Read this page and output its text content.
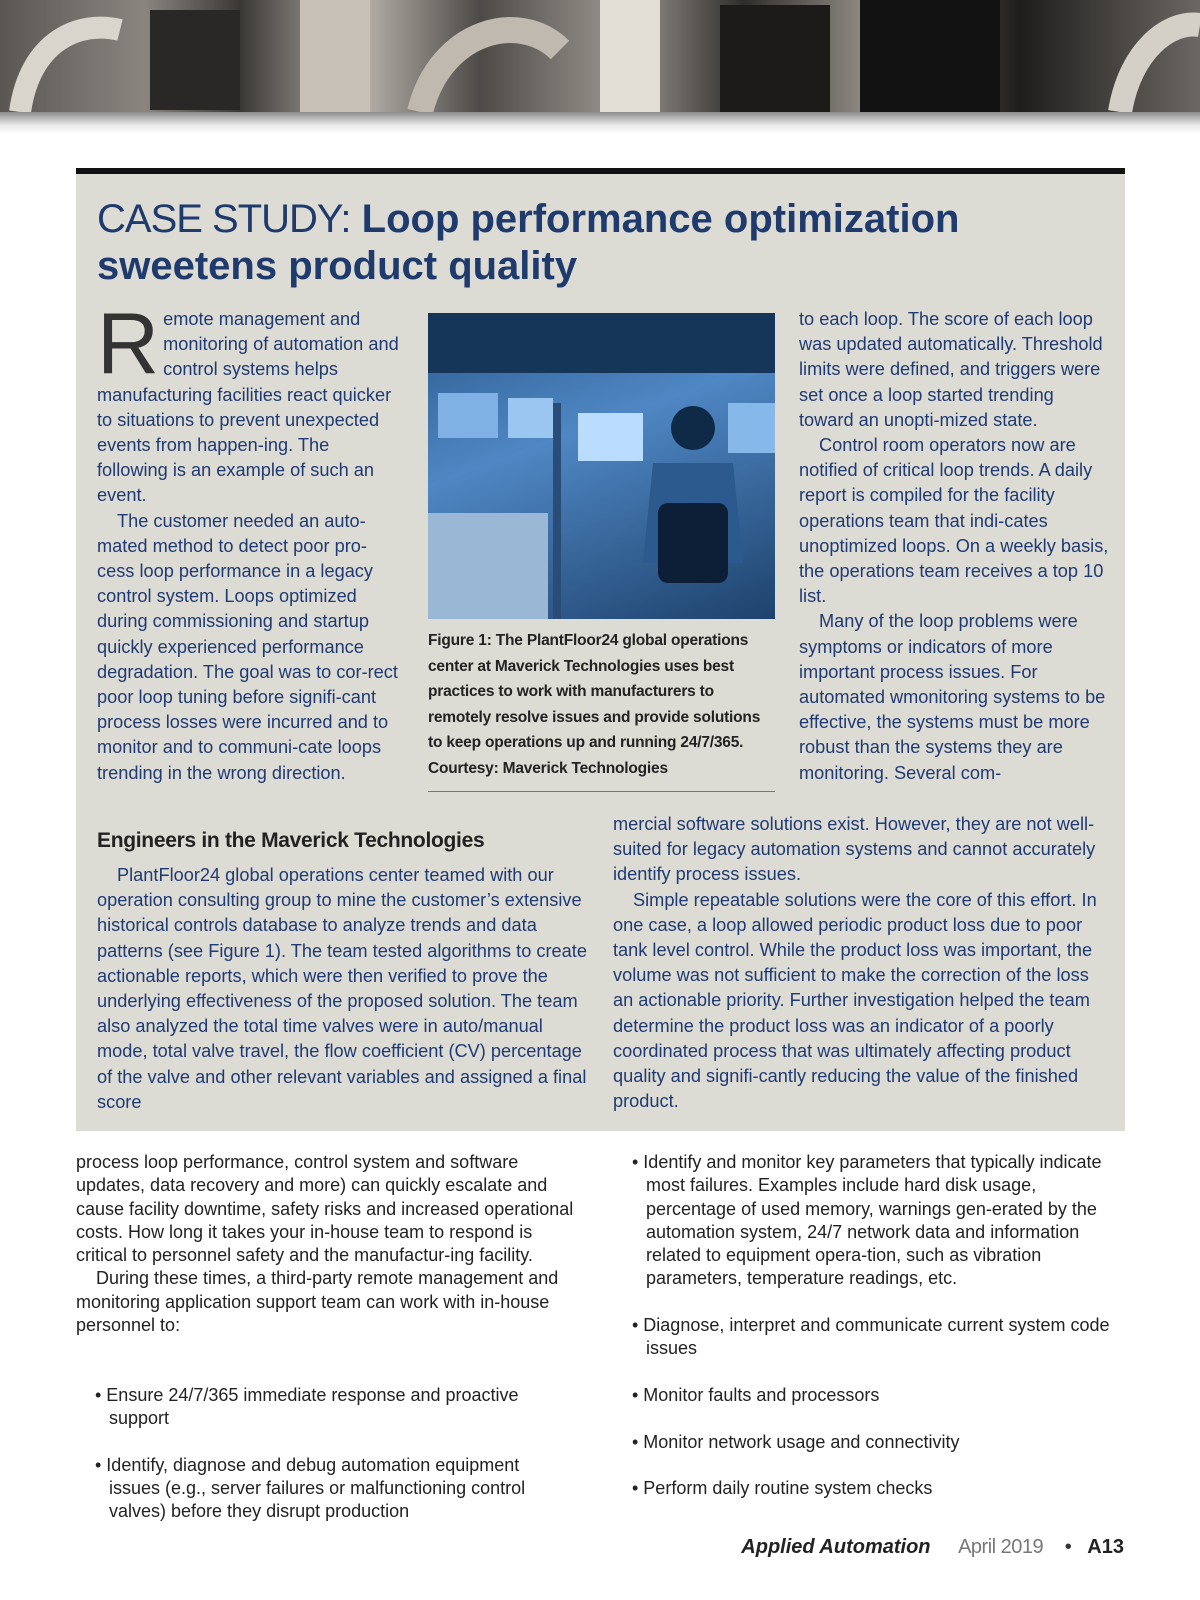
CASE STUDY: Loop performance optimization sweetens product quality

Remote management and monitoring of automation and control systems helps manufacturing facilities react quicker to situations to prevent unexpected events from happen-ing. The following is an example of such an event.

The customer needed an auto-mated method to detect poor pro-cess loop performance in a legacy control system. Loops optimized during commissioning and startup quickly experienced performance degradation. The goal was to cor-rect poor loop tuning before signifi-cant process losses were incurred and to monitor and to communi-cate loops trending in the wrong direction.

Figure 1: The PlantFloor24 global operations center at Maverick Technologies uses best practices to work with manufacturers to remotely resolve issues and provide solutions to keep operations up and running 24/7/365. Courtesy: Maverick Technologies

to each loop. The score of each loop was updated automatically. Threshold limits were defined, and triggers were set once a loop started trending toward an unopti-mized state.

Control room operators now are notified of critical loop trends. A daily report is compiled for the facility operations team that indi-cates unoptimized loops. On a weekly basis, the operations team receives a top 10 list.

Many of the loop problems were symptoms or indicators of more important process issues. For automated wmonitoring systems to be effective, the systems must be more robust than the systems they are monitoring. Several com-

Engineers in the Maverick Technologies

PlantFloor24 global operations center teamed with our operation consulting group to mine the customer’s extensive historical controls database to analyze trends and data patterns (see Figure 1). The team tested algorithms to create actionable reports, which were then verified to prove the underlying effectiveness of the proposed solution. The team also analyzed the total time valves were in auto/manual mode, total valve travel, the flow coefficient (CV) percentage of the valve and other relevant variables and assigned a final score

mercial software solutions exist. However, they are not well-suited for legacy automation systems and cannot accurately identify process issues.

Simple repeatable solutions were the core of this effort. In one case, a loop allowed periodic product loss due to poor tank level control. While the product loss was important, the volume was not sufficient to make the correction of the loss an actionable priority. Further investigation helped the team determine the product loss was an indicator of a poorly coordinated process that was ultimately affecting product quality and signifi-cantly reducing the value of the finished product.

process loop performance, control system and software updates, data recovery and more) can quickly escalate and cause facility downtime, safety risks and increased operational costs. How long it takes your in-house team to respond is critical to personnel safety and the manufactur-ing facility.

During these times, a third-party remote management and monitoring application support team can work with in-house personnel to:

• Ensure 24/7/365 immediate response and proactive support
• Identify, diagnose and debug automation equipment issues (e.g., server failures or malfunctioning control valves) before they disrupt production
• Identify and monitor key parameters that typically indicate most failures. Examples include hard disk usage, percentage of used memory, warnings gen-erated by the automation system, 24/7 network data and information related to equipment opera-tion, such as vibration parameters, temperature readings, etc.
• Diagnose, interpret and communicate current system code issues
• Monitor faults and processors
• Monitor network usage and connectivity
• Perform daily routine system checks
Applied Automation April 2019 • A13
